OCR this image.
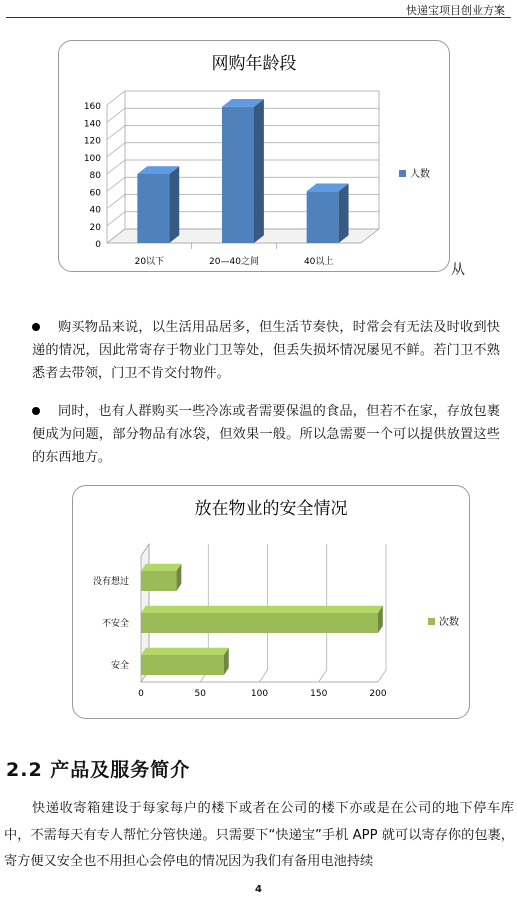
快递宝项目创业方案
网购年龄段
0
20
40
60
80
100
120
140
160
20以下	20—40之间	40以上
人数
从
购买物品来说，以生活用品居多，但生活节奏快，时常会有无法及时收到快递的情况，因此常寄存于物业门卫等处，但丢失损坏情况屡见不鲜。若门卫不熟悉者去带领，门卫不肯交付物件。
同时，也有人群购买一些冷冻或者需要保温的食品，但若不在家，存放包裹便成为问题，部分物品有冰袋，但效果一般。所以急需要一个可以提供放置这些的东西地方。
放在物业的安全情况
0	50	100	150	200
安全
不安全
没有想过
次数
2.2 产品及服务简介
快递收寄箱建设于每家每户的楼下或者在公司的楼下亦或是在公司的地下停车库中，不需每天有专人帮忙分管快递。只需要下“快递宝”手机 APP 就可以寄存你的包裹，寄方便又安全也不用担心会停电的情况因为我们有备用电池持续
4
